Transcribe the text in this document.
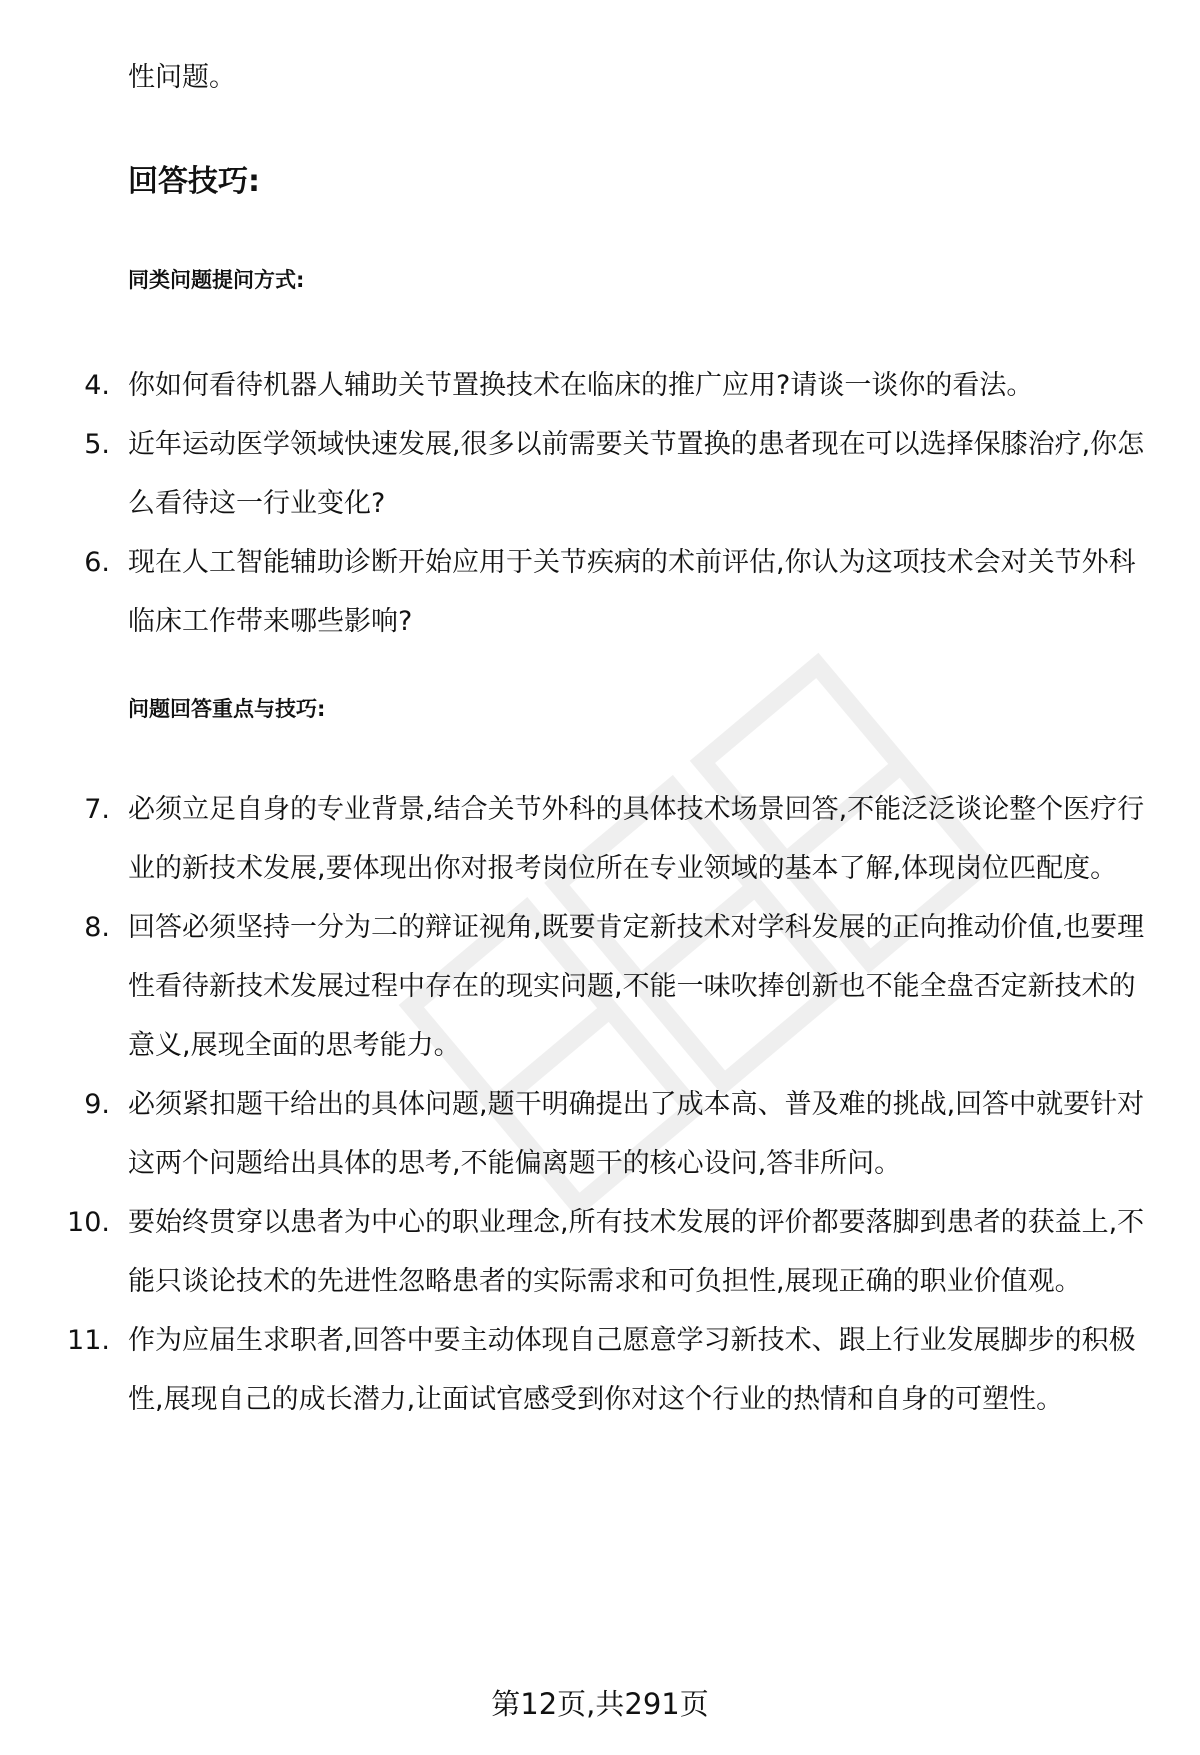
性问题。
回答技巧:
同类问题提问方式:
4. 你如何看待机器人辅助关节置换技术在临床的推广应用?请谈一谈你的看法。
5. 近年运动医学领域快速发展,很多以前需要关节置换的患者现在可以选择保膝治疗,你怎么看待这一行业变化?
6. 现在人工智能辅助诊断开始应用于关节疾病的术前评估,你认为这项技术会对关节外科临床工作带来哪些影响?
问题回答重点与技巧:
7. 必须立足自身的专业背景,结合关节外科的具体技术场景回答,不能泛泛谈论整个医疗行业的新技术发展,要体现出你对报考岗位所在专业领域的基本了解,体现岗位匹配度。
8. 回答必须坚持一分为二的辩证视角,既要肯定新技术对学科发展的正向推动价值,也要理性看待新技术发展过程中存在的现实问题,不能一味吹捧创新也不能全盘否定新技术的意义,展现全面的思考能力。
9. 必须紧扣题干给出的具体问题,题干明确提出了成本高、普及难的挑战,回答中就要针对这两个问题给出具体的思考,不能偏离题干的核心设问,答非所问。
10. 要始终贯穿以患者为中心的职业理念,所有技术发展的评价都要落脚到患者的获益上,不能只谈论技术的先进性忽略患者的实际需求和可负担性,展现正确的职业价值观。
11. 作为应届生求职者,回答中要主动体现自己愿意学习新技术、跟上行业发展脚步的积极性,展现自己的成长潜力,让面试官感受到你对这个行业的热情和自身的可塑性。
第12页,共291页
